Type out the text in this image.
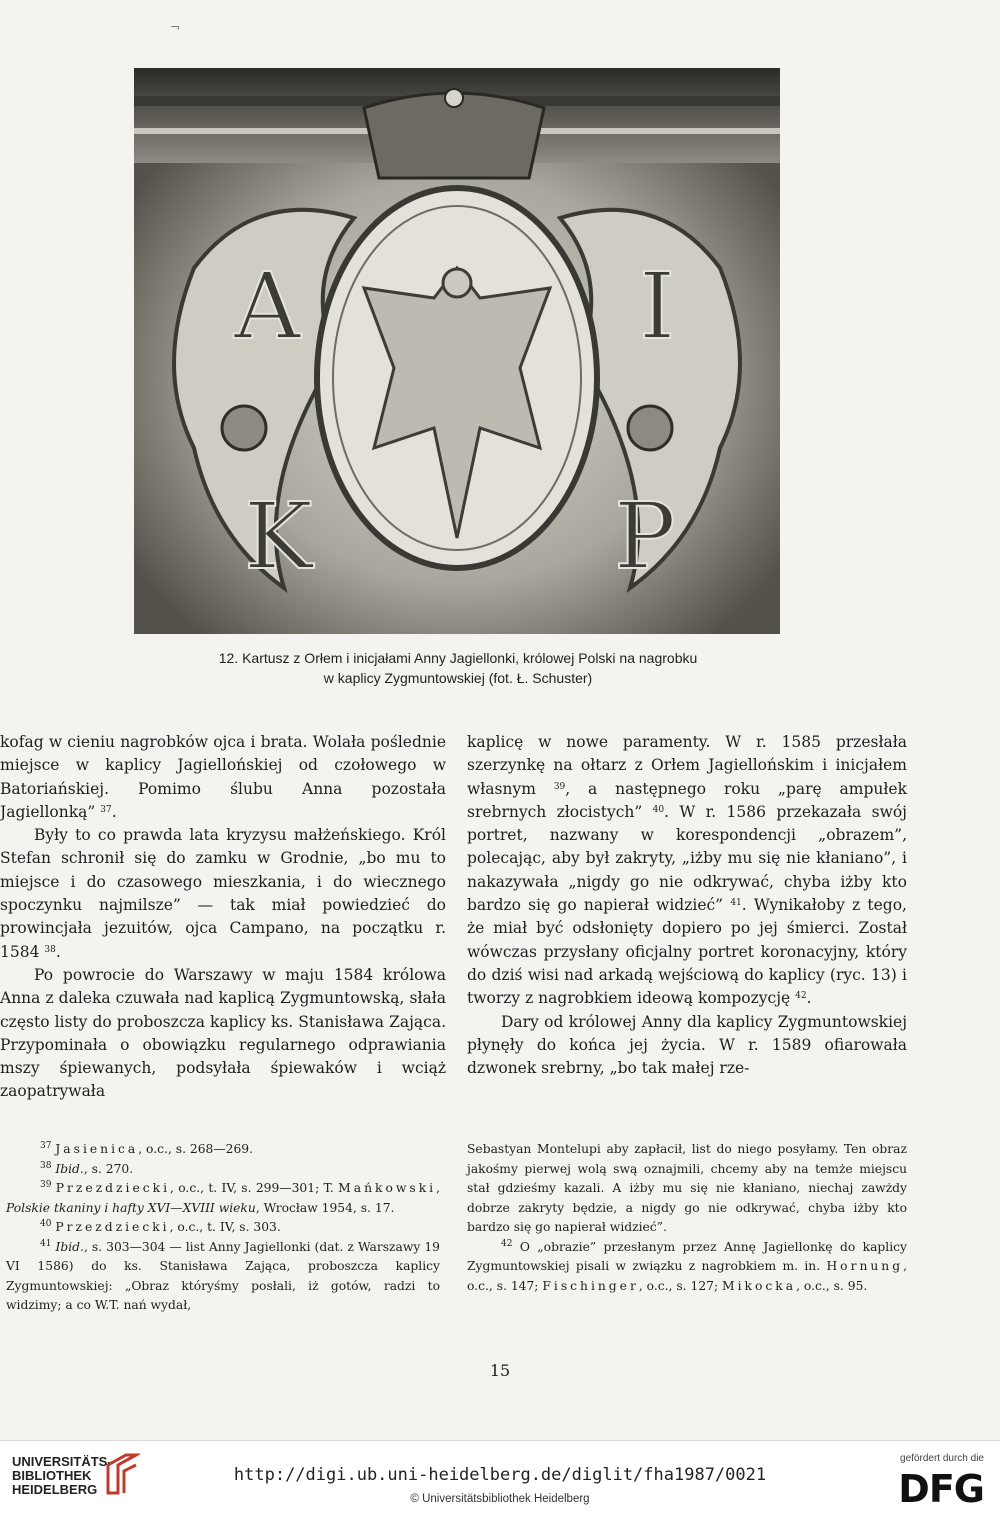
¬
A	I
K	P
12. Kartusz z Orłem i inicjałami Anny Jagiellonki, królowej Polski na nagrobku
w kaplicy Zygmuntowskiej (fot. Ł. Schuster)

kofag w cieniu nagrobków ojca i brata. Wolała poślednie miejsce w kaplicy Jagiellońskiej od czołowego w Batoriańskiej. Pomimo ślubu Anna pozostała Jagiellonką” $^{37}$.

Były to co prawda lata kryzysu małżeńskiego. Król Stefan schronił się do zamku w Grodnie, „bo mu to miejsce i do czasowego mieszkania, i do wiecznego spoczynku najmilsze” — tak miał powiedzieć do prowincjała jezuitów, ojca Campano, na początku r. 1584 $^{38}$.

Po powrocie do Warszawy w maju 1584 królowa Anna z daleka czuwała nad kaplicą Zygmuntowską, słała często listy do proboszcza kaplicy ks. Stanisława Zająca. Przypominała o obowiązku regularnego odprawiania mszy śpiewanych, podsyłała śpiewaków i wciąż zaopatrywała

kaplicę w nowe paramenty. W r. 1585 przesłała szerzynkę na ołtarz z Orłem Jagiellońskim i inicjałem własnym $^{39}$, a następnego roku „parę ampułek srebrnych złocistych” $^{40}$. W r. 1586 przekazała swój portret, nazwany w korespondencji „obrazem”, polecając, aby był zakryty, „iżby mu się nie kłaniano”, i nakazywała „nigdy go nie odkrywać, chyba iżby kto bardzo się go napierał widzieć” $^{41}$. Wynikałoby z tego, że miał być odsłonięty dopiero po jej śmierci. Został wówczas przysłany oficjalny portret koronacyjny, który do dziś wisi nad arkadą wejściową do kaplicy (ryc. 13) i tworzy z nagrobkiem ideową kompozycję $^{42}$.

Dary od królowej Anny dla kaplicy Zygmuntowskiej płynęły do końca jej życia. W r. 1589 ofiarowała dzwonek srebrny, „bo tak małej rze-

$^{37}$ Jasienica, o.c., s. 268—269.

$^{38}$ Ibid., s. 270.

$^{39}$ Przezdziecki, o.c., t. IV, s. 299—301; T. Mańkowski, Polskie tkaniny i hafty XVI—XVIII wieku, Wrocław 1954, s. 17.

$^{40}$ Przezdziecki, o.c., t. IV, s. 303.

$^{41}$ Ibid., s. 303—304 — list Anny Jagiellonki (dat. z Warszawy 19 VI 1586) do ks. Stanisława Zająca, proboszcza kaplicy Zygmuntowskiej: „Obraz któryśmy posłali, iż gotów, radzi to widzimy; a co W.T. nań wydał,

Sebastyan Montelupi aby zapłacił, list do niego posyłamy. Ten obraz jakośmy pierwej wolą swą oznajmili, chcemy aby na temże miejscu stał gdzieśmy kazali. A iżby mu się nie kłaniano, niechaj zawżdy dobrze zakryty będzie, a nigdy go nie odkrywać, chyba iżby kto bardzo się go napierał widzieć”.

$^{42}$ O „obrazie” przesłanym przez Annę Jagiellonkę do kaplicy Zygmuntowskiej pisali w związku z nagrobkiem m. in. Hornung, o.c., s. 147; Fischinger, o.c., s. 127; Mikocka, o.c., s. 95.

15
UNIVERSITÄTS-
BIBLIOTHEK
HEIDELBERG
http://digi.ub.uni-heidelberg.de/diglit/fha1987/0021
© Universitätsbibliothek Heidelberg
gefördert durch die
DFG
